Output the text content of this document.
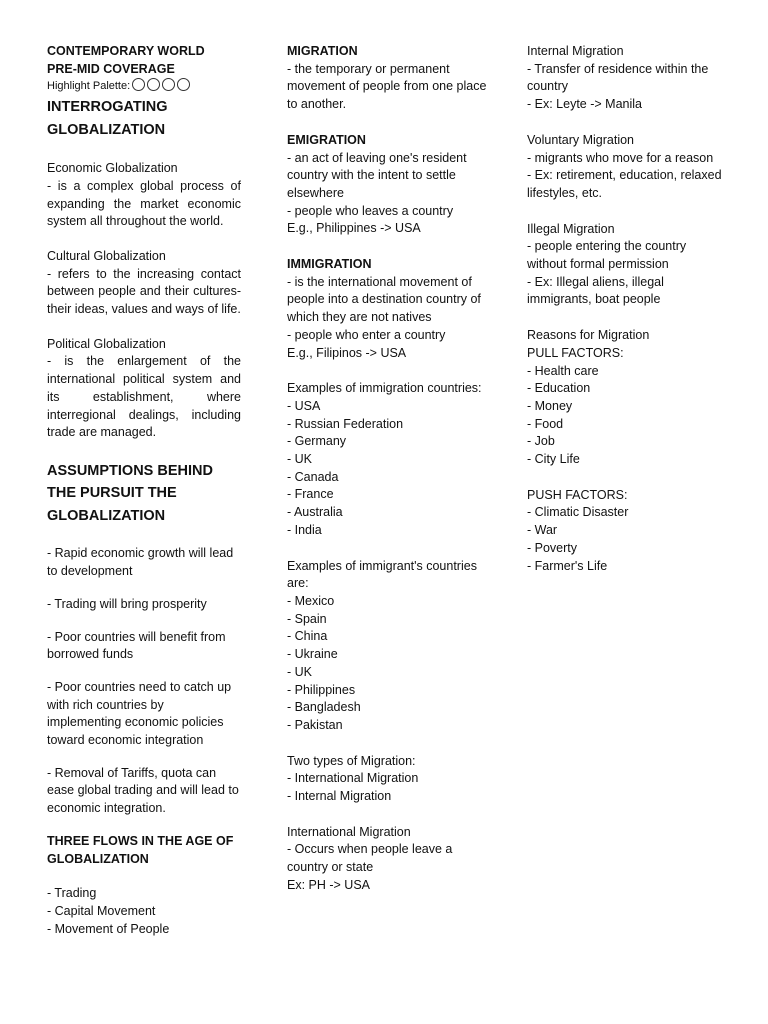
CONTEMPORARY WORLD
PRE-MID COVERAGE
Highlight Palette:
INTERROGATING GLOBALIZATION
Economic Globalization
- is a complex global process of expanding the market economic system all throughout the world.
Cultural Globalization
- refers to the increasing contact between people and their cultures-their ideas, values and ways of life.
Political Globalization
- is the enlargement of the international political system and its establishment, where interregional dealings, including trade are managed.
ASSUMPTIONS BEHIND THE PURSUIT THE GLOBALIZATION
- Rapid economic growth will lead to development
- Trading will bring prosperity
- Poor countries will benefit from borrowed funds
- Poor countries need to catch up with rich countries by implementing economic policies toward economic integration
- Removal of Tariffs, quota can ease global trading and will lead to economic integration.
THREE FLOWS IN THE AGE OF GLOBALIZATION
- Trading
- Capital Movement
- Movement of People
MIGRATION
- the temporary or permanent movement of people from one place to another.
EMIGRATION
- an act of leaving one's resident country with the intent to settle elsewhere
- people who leaves a country
E.g., Philippines -> USA
IMMIGRATION
- is the international movement of people into a destination country of which they are not natives
- people who enter a country
E.g., Filipinos -> USA
Examples of immigration countries:
- USA
- Russian Federation
- Germany
- UK
- Canada
- France
- Australia
- India
Examples of immigrant's countries are:
- Mexico
- Spain
- China
- Ukraine
- UK
- Philippines
- Bangladesh
- Pakistan
Two types of Migration:
- International Migration
- Internal Migration
International Migration
- Occurs when people leave a country or state
Ex: PH -> USA
Internal Migration
- Transfer of residence within the country
- Ex: Leyte -> Manila
Voluntary Migration
- migrants who move for a reason
- Ex: retirement, education, relaxed lifestyles, etc.
Illegal Migration
- people entering the country without formal permission
- Ex: Illegal aliens, illegal immigrants, boat people
Reasons for Migration
PULL FACTORS:
- Health care
- Education
- Money
- Food
- Job
- City Life
PUSH FACTORS:
- Climatic Disaster
- War
- Poverty
- Farmer's Life
